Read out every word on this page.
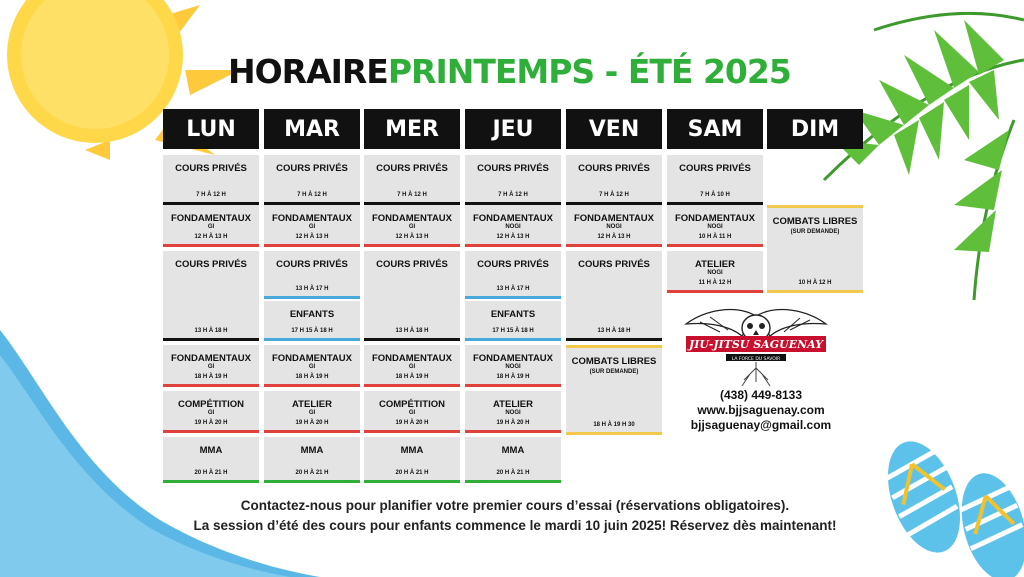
HORAIREPRINTEMPS - ÉTÉ 2025
LUN
COURS PRIVÉS
7 H À 12 H
FONDAMENTAUX
GI
12 H À 13 H
COURS PRIVÉS
13 H À 18 H
FONDAMENTAUX
GI
18 H À 19 H
COMPÉTITION
GI
19 H À 20 H
MMA
20 H À 21 H
MAR
COURS PRIVÉS
7 H À 12 H
FONDAMENTAUX
GI
12 H À 13 H
COURS PRIVÉS
13 H À 17 H
ENFANTS
17 H 15 À 18 H
FONDAMENTAUX
GI
18 H À 19 H
ATELIER
GI
19 H À 20 H
MMA
20 H À 21 H
MER
COURS PRIVÉS
7 H À 12 H
FONDAMENTAUX
GI
12 H À 13 H
COURS PRIVÉS
13 H À 18 H
FONDAMENTAUX
GI
18 H À 19 H
COMPÉTITION
GI
19 H À 20 H
MMA
20 H À 21 H
JEU
COURS PRIVÉS
7 H À 12 H
FONDAMENTAUX
NOGI
12 H À 13 H
COURS PRIVÉS
13 H À 17 H
ENFANTS
17 H 15 À 18 H
FONDAMENTAUX
NOGI
18 H À 19 H
ATELIER
NOGI
19 H À 20 H
MMA
20 H À 21 H
VEN
COURS PRIVÉS
7 H À 12 H
FONDAMENTAUX
NOGI
12 H À 13 H
COURS PRIVÉS
13 H À 18 H
COMBATS LIBRES
(SUR DEMANDE)
18 H À 19 H 30
SAM
COURS PRIVÉS
7 H À 10 H
FONDAMENTAUX
NOGI
10 H À 11 H
ATELIER
NOGI
11 H À 12 H
DIM
COMBATS LIBRES
(SUR DEMANDE)
10 H À 12 H
JIU-JITSU SAGUENAY
LA FORCE DU SAVOIR
(438) 449-8133
www.bjjsaguenay.com
bjjsaguenay@gmail.com
Contactez-nous pour planifier votre premier cours d’essai (réservations obligatoires).
La session d’été des cours pour enfants commence le mardi 10 juin 2025! Réservez dès maintenant!
